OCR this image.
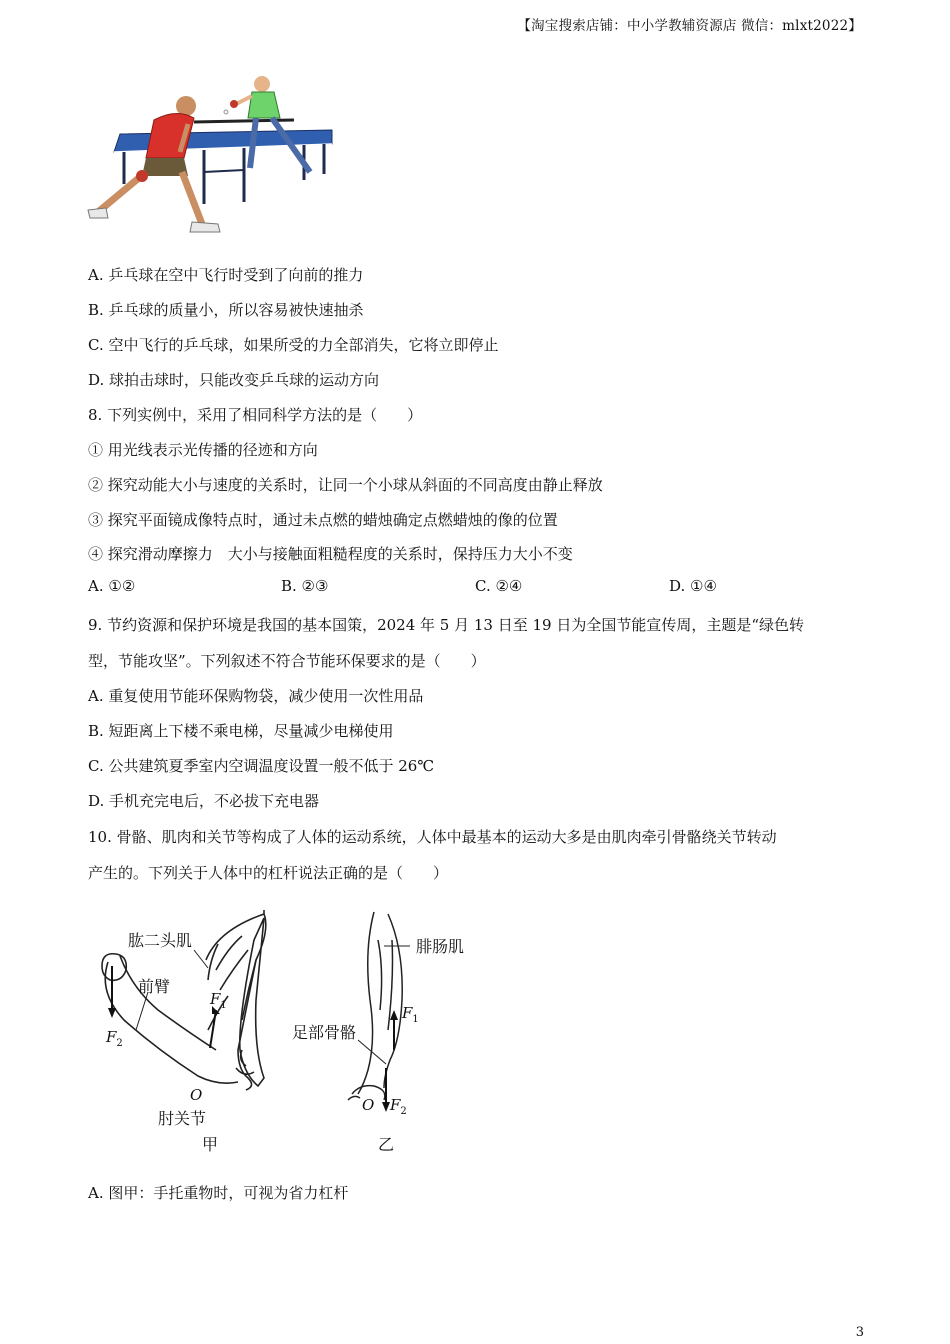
【淘宝搜索店铺：中小学教辅资源店 微信：mlxt2022】
A. 乒乓球在空中飞行时受到了向前的推力
B. 乒乓球的质量小，所以容易被快速抽杀
C. 空中飞行的乒乓球，如果所受的力全部消失，它将立即停止
D. 球拍击球时，只能改变乒乓球的运动方向
8. 下列实例中，采用了相同科学方法的是（　　）
① 用光线表示光传播的径迹和方向
② 探究动能大小与速度的关系时，让同一个小球从斜面的不同高度由静止释放
③ 探究平面镜成像特点时，通过未点燃的蜡烛确定点燃蜡烛的像的位置
④ 探究滑动摩擦力　大小与接触面粗糙程度的关系时，保持压力大小不变
A. ①②	B. ②③	C. ②④	D. ①④
9. 节约资源和保护环境是我国的基本国策，2024 年 5 月 13 日至 19 日为全国节能宣传周，主题是“绿色转
型，节能攻坚”。下列叙述不符合节能环保要求的是（　　）
A. 重复使用节能环保购物袋，减少使用一次性用品
B. 短距离上下楼不乘电梯，尽量减少电梯使用
C. 公共建筑夏季室内空调温度设置一般不低于 26℃
D. 手机充完电后，不必拔下充电器
10. 骨骼、肌肉和关节等构成了人体的运动系统，人体中最基本的运动大多是由肌肉牵引骨骼绕关节转动
产生的。下列关于人体中的杠杆说法正确的是（　　）
肱二头肌
前臂
$F_1$
$F_2$
O
肘关节
甲
腓肠肌
$F_1$
足部骨骼
O $F_2$
乙
A. 图甲：手托重物时，可视为省力杠杆
3
